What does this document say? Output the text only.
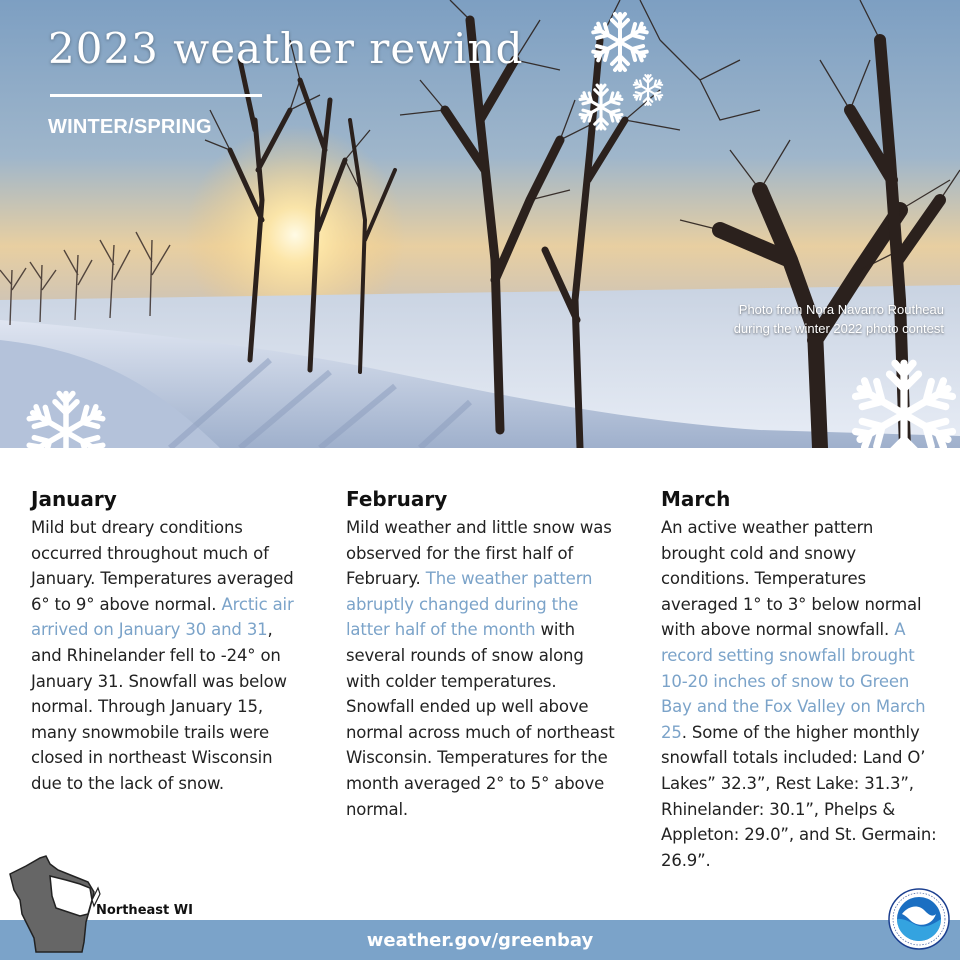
2023 weather rewind
WINTER/SPRING
Photo from Nora Navarro Routheau
during the winter 2022 photo contest
January

Mild but dreary conditions occurred throughout much of January. Temperatures averaged 6° to 9° above normal. Arctic air arrived on January 30 and 31, and Rhinelander fell to -24° on January 31. Snowfall was below normal. Through January 15, many snowmobile trails were closed in northeast Wisconsin due to the lack of snow.

February

Mild weather and little snow was observed for the first half of February. The weather pattern abruptly changed during the latter half of the month with several rounds of snow along with colder temperatures. Snowfall ended up well above normal across much of northeast Wisconsin. Temperatures for the month averaged 2° to 5° above normal.

March

An active weather pattern brought cold and snowy conditions. Temperatures averaged 1° to 3° below normal with above normal snowfall. A record setting snowfall brought 10-20 inches of snow to Green Bay and the Fox Valley on March 25. Some of the higher monthly snowfall totals included: Land O’ Lakes” 32.3”, Rest Lake: 31.3”, Rhinelander: 30.1”, Phelps & Appleton: 29.0”, and St. Germain: 26.9”.

weather.gov/greenbay
Northeast WI
